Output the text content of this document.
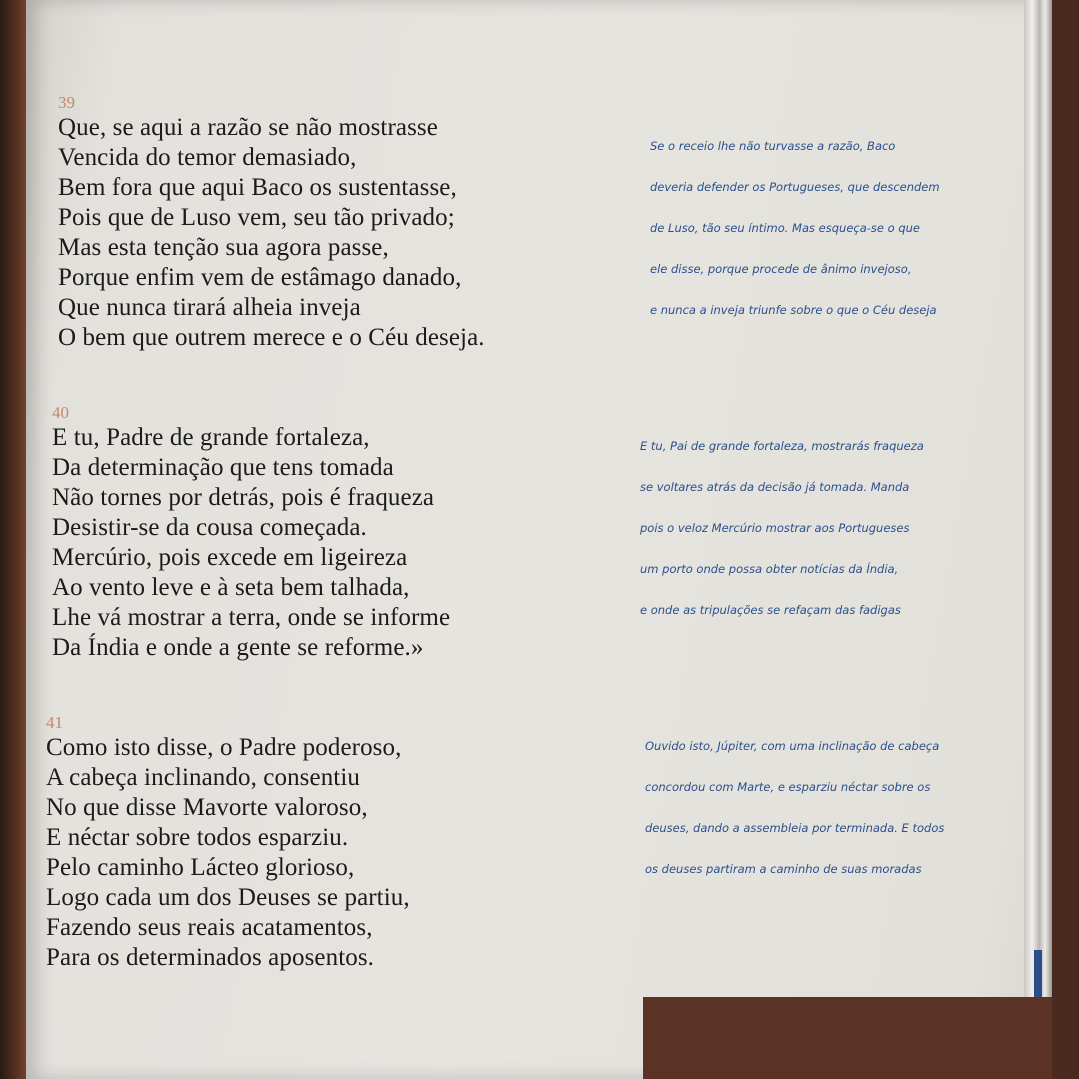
39
Que, se aqui a razão se não mostrasse
Vencida do temor demasiado,
Bem fora que aqui Baco os sustentasse,
Pois que de Luso vem, seu tão privado;
Mas esta tenção sua agora passe,
Porque enfim vem de estâmago danado,
Que nunca tirará alheia inveja
O bem que outrem merece e o Céu deseja.
Se o receio lhe não turvasse a razão, Baco
deveria defender os Portugueses, que descendem
de Luso, tão seu íntimo. Mas esqueça-se o que
ele disse, porque procede de ânimo invejoso,
e nunca a inveja triunfe sobre o que o Céu deseja
40
E tu, Padre de grande fortaleza,
Da determinação que tens tomada
Não tornes por detrás, pois é fraqueza
Desistir-se da cousa começada.
Mercúrio, pois excede em ligeireza
Ao vento leve e à seta bem talhada,
Lhe vá mostrar a terra, onde se informe
Da Índia e onde a gente se reforme.»
E tu, Pai de grande fortaleza, mostrarás fraqueza
se voltares atrás da decisão já tomada. Manda
pois o veloz Mercúrio mostrar aos Portugueses
um porto onde possa obter notícias da Índia,
e onde as tripulações se refaçam das fadigas
41
Como isto disse, o Padre poderoso,
A cabeça inclinando, consentiu
No que disse Mavorte valoroso,
E néctar sobre todos esparziu.
Pelo caminho Lácteo glorioso,
Logo cada um dos Deuses se partiu,
Fazendo seus reais acatamentos,
Para os determinados aposentos.
Ouvido isto, Júpiter, com uma inclinação de cabeça
concordou com Marte, e esparziu néctar sobre os
deuses, dando a assembleia por terminada. E todos
os deuses partiram a caminho de suas moradas
